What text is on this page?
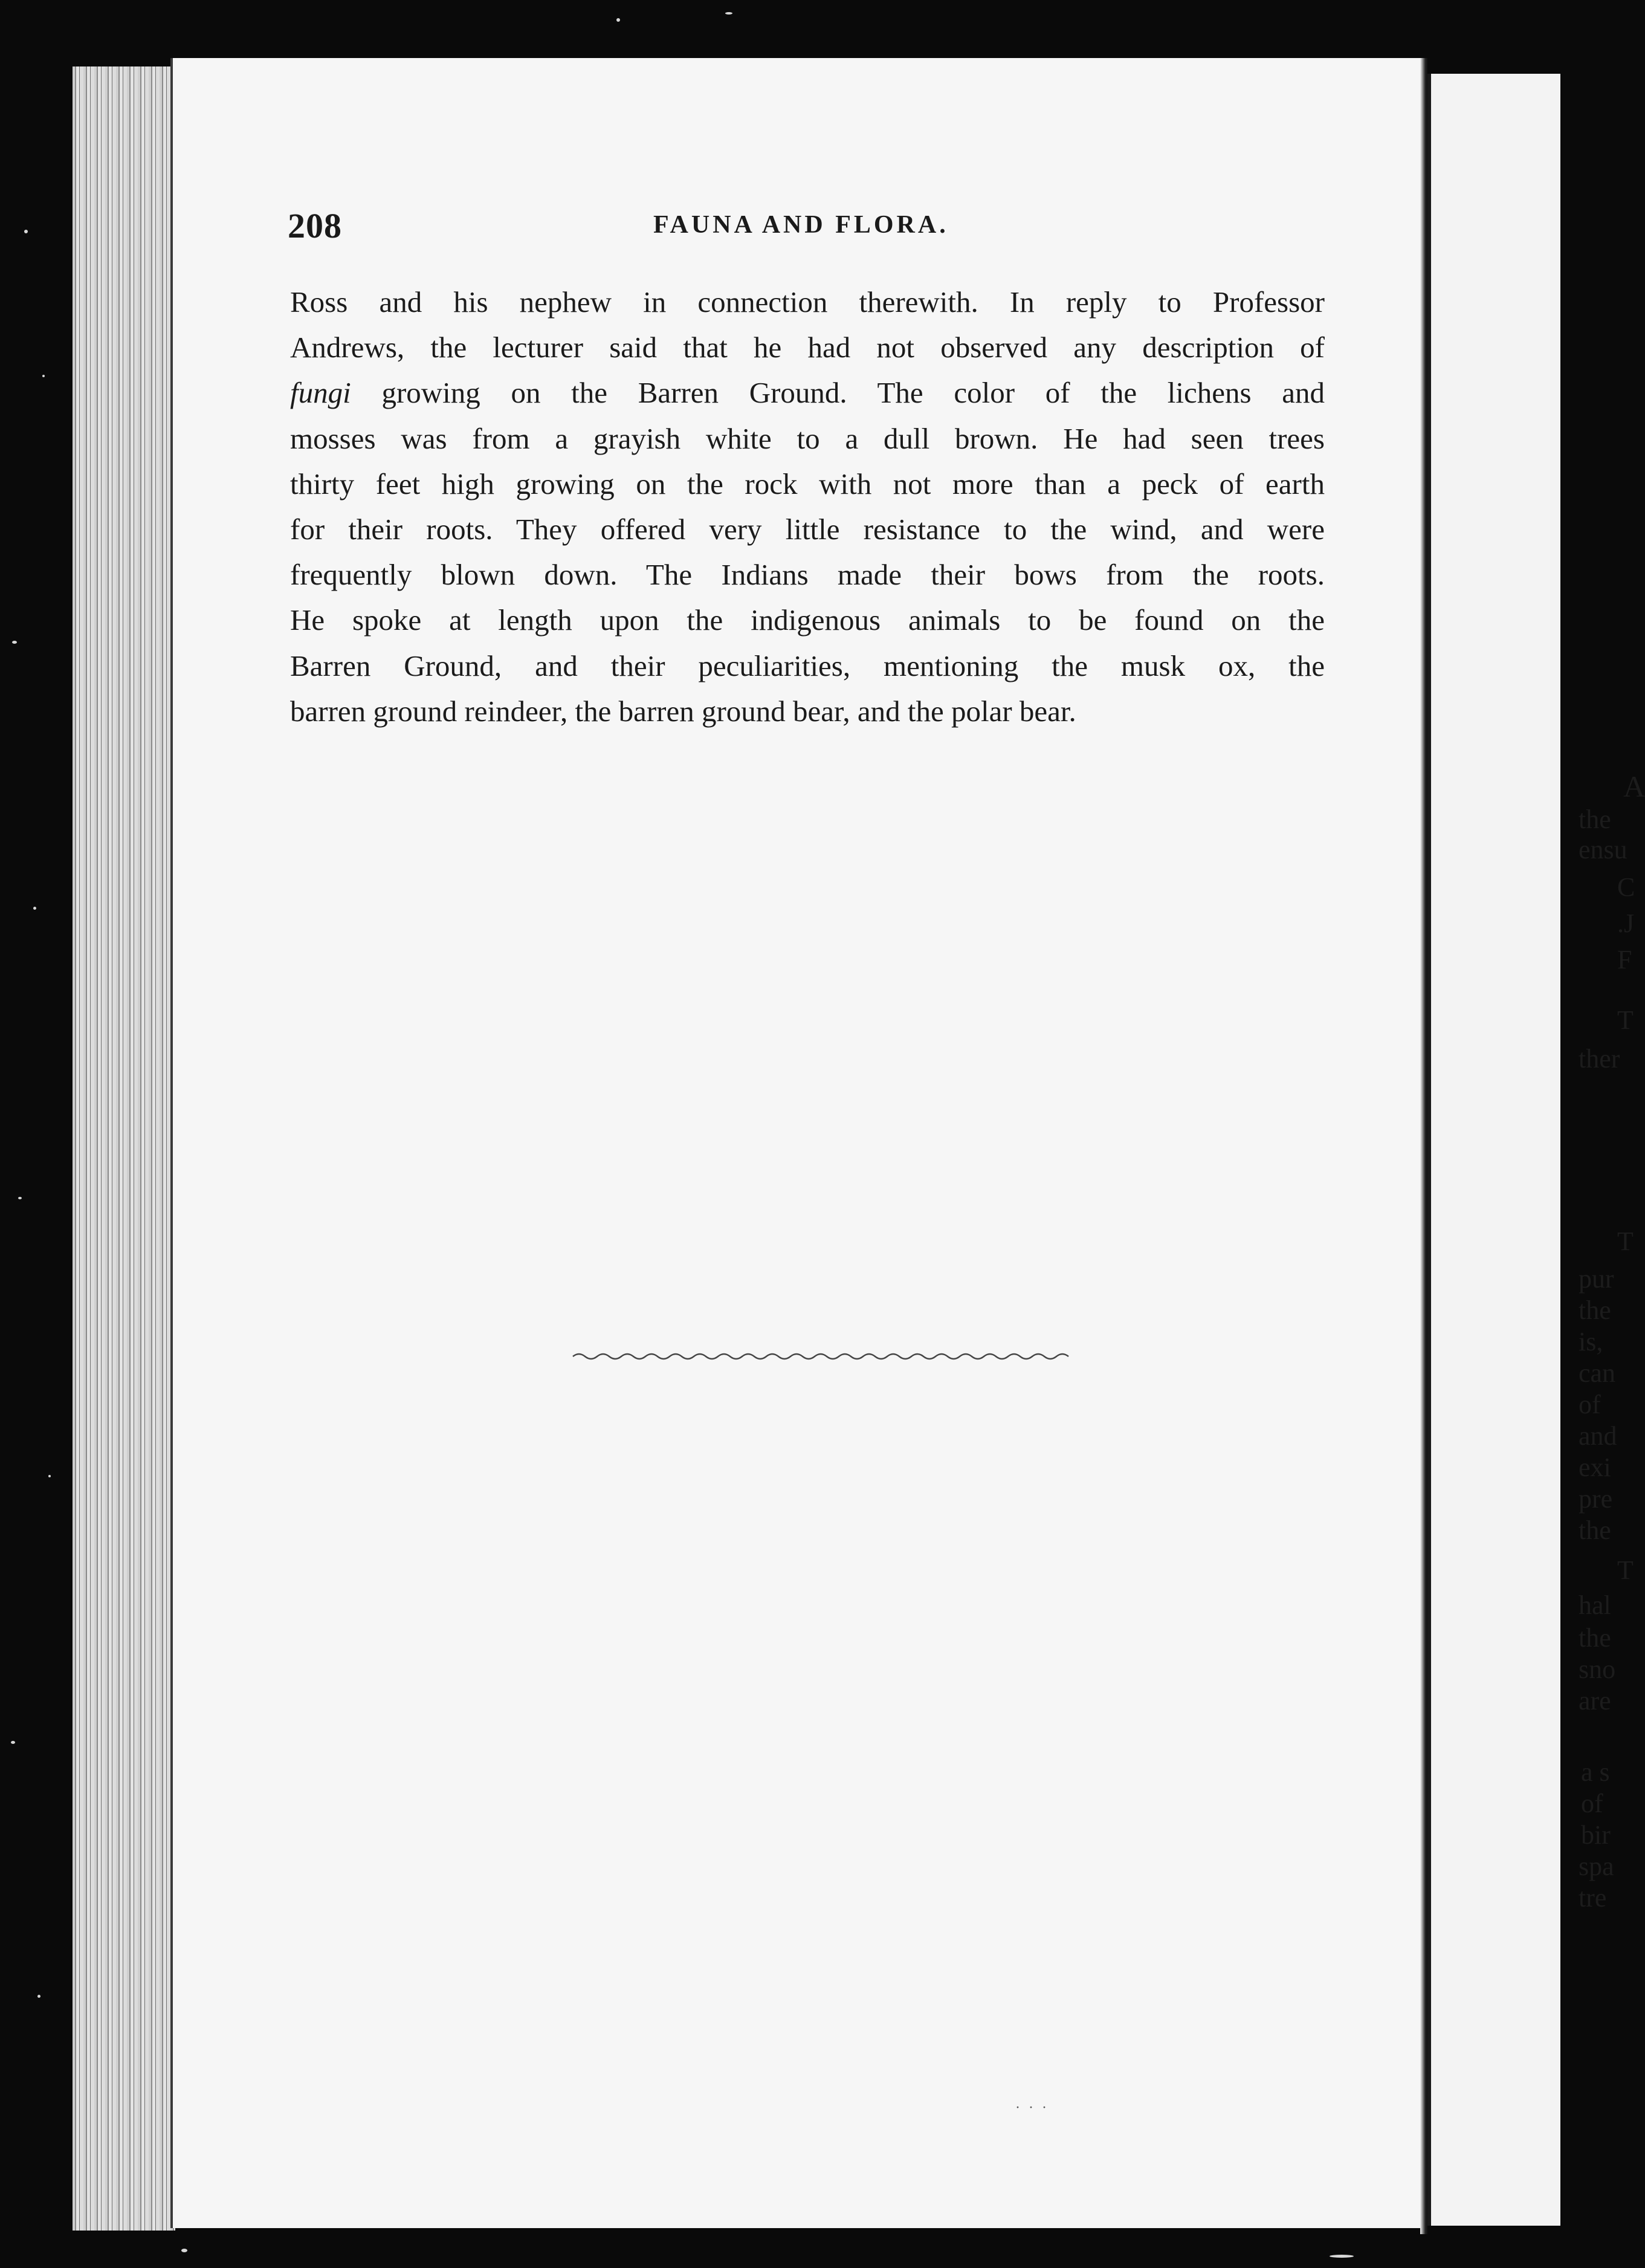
A
the
ensu
C
.J
F
T
ther
T
pur
the
is,
can
of
and
exi
pre
the
T
hal
the
sno
are
a s
of
bir
spa
tre
208	FAUNA AND FLORA.
Ross and his nephew in connection therewith. In reply to Professor
Andrews, the lecturer said that he had not observed any description of
fungi growing on the Barren Ground. The color of the lichens and
mosses was from a grayish white to a dull brown. He had seen trees
thirty feet high growing on the rock with not more than a peck of earth
for their roots. They offered very little resistance to the wind, and were
frequently blown down. The Indians made their bows from the roots.
He spoke at length upon the indigenous animals to be found on the
Barren Ground, and their peculiarities, mentioning the musk ox, the
barren ground reindeer, the barren ground bear, and the polar bear.
· · ·
